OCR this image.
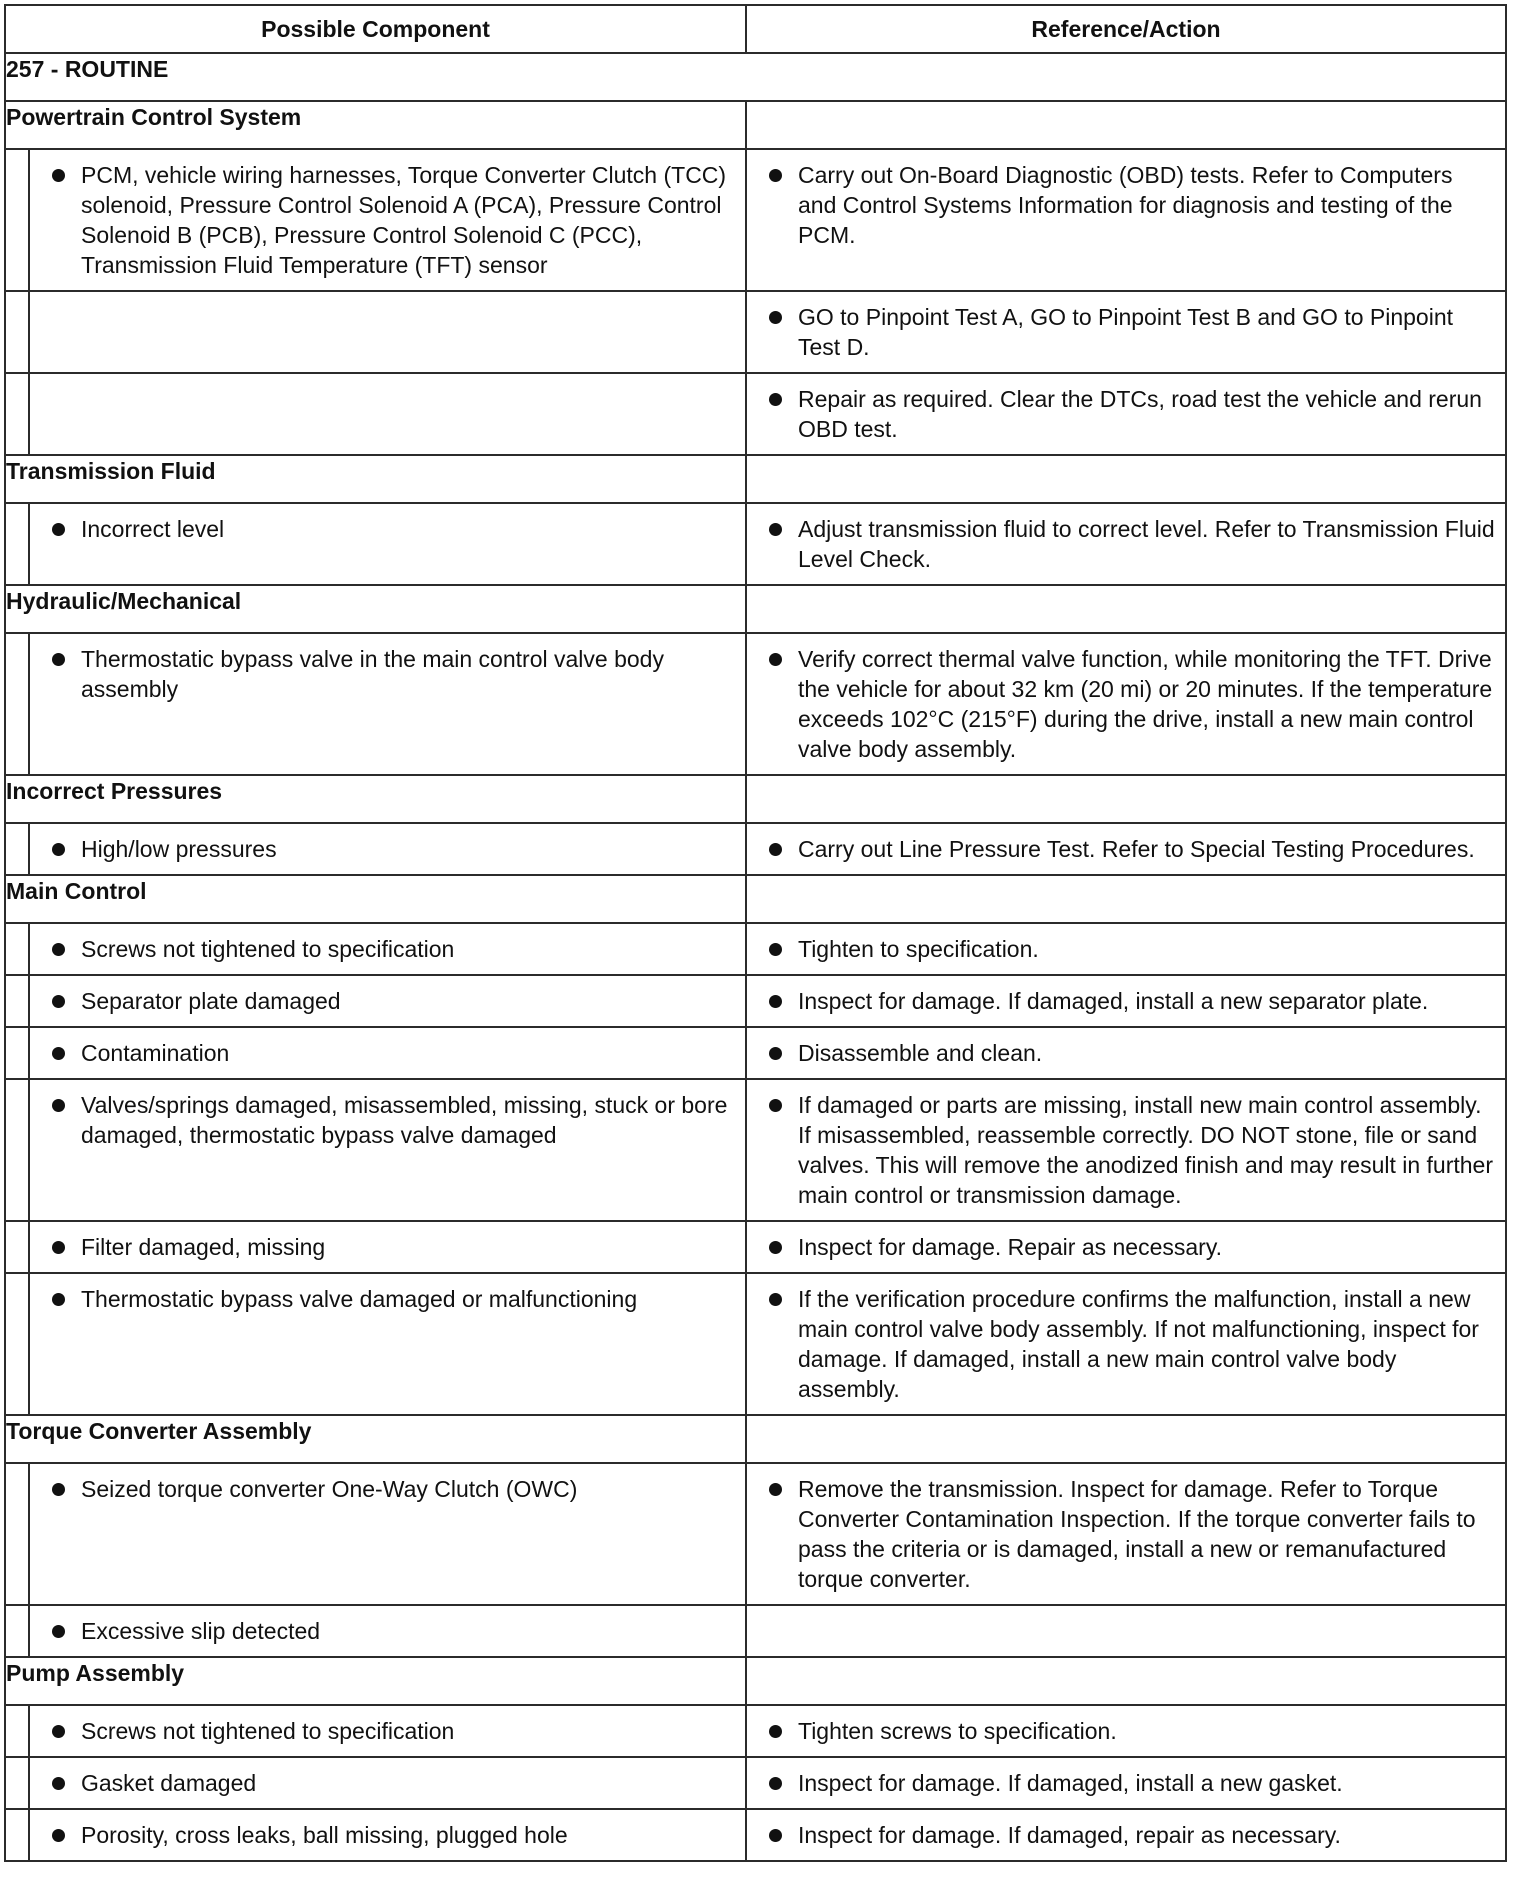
Possible Component		Reference/Action
257 - ROUTINE		
Powertrain Control System		

	PCM, vehicle wiring harnesses, Torque Converter Clutch (TCC) solenoid, Pressure Control Solenoid A (PCA), Pressure Control Solenoid B (PCB), Pressure Control Solenoid C (PCC), Transmission Fluid Temperature (TFT) sensor	Carry out On-Board Diagnostic (OBD) tests. Refer to Computers and Control Systems Information for diagnosis and testing of the PCM.

		GO to Pinpoint Test A, GO to Pinpoint Test B and GO to Pinpoint Test D.

		Repair as required. Clear the DTCs, road test the vehicle and rerun OBD test.

Transmission Fluid		

	Incorrect level	Adjust transmission fluid to correct level. Refer to Transmission Fluid Level Check.

Hydraulic/Mechanical		

	Thermostatic bypass valve in the main control valve body assembly	Verify correct thermal valve function, while monitoring the TFT. Drive the vehicle for about 32 km (20 mi) or 20 minutes. If the temperature exceeds 102°C (215°F) during the drive, install a new main control valve body assembly.

Incorrect Pressures		

	High/low pressures	Carry out Line Pressure Test. Refer to Special Testing Procedures.

Main Control		

	Screws not tightened to specification	Tighten to specification.

	Separator plate damaged	Inspect for damage. If damaged, install a new separator plate.

	Contamination	Disassemble and clean.

	Valves/springs damaged, misassembled, missing, stuck or bore damaged, thermostatic bypass valve damaged	If damaged or parts are missing, install new main control assembly. If misassembled, reassemble correctly. DO NOT stone, file or sand valves. This will remove the anodized finish and may result in further main control or transmission damage.

	Filter damaged, missing	Inspect for damage. Repair as necessary.

	Thermostatic bypass valve damaged or malfunctioning	If the verification procedure confirms the malfunction, install a new main control valve body assembly. If not malfunctioning, inspect for damage. If damaged, install a new main control valve body assembly.

Torque Converter Assembly		

	Seized torque converter One-Way Clutch (OWC)	Remove the transmission. Inspect for damage. Refer to Torque Converter Contamination Inspection. If the torque converter fails to pass the criteria or is damaged, install a new or remanufactured torque converter.

	Excessive slip detected	

Pump Assembly		

	Screws not tightened to specification	Tighten screws to specification.

	Gasket damaged	Inspect for damage. If damaged, install a new gasket.

	Porosity, cross leaks, ball missing, plugged hole	Inspect for damage. If damaged, repair as necessary.
